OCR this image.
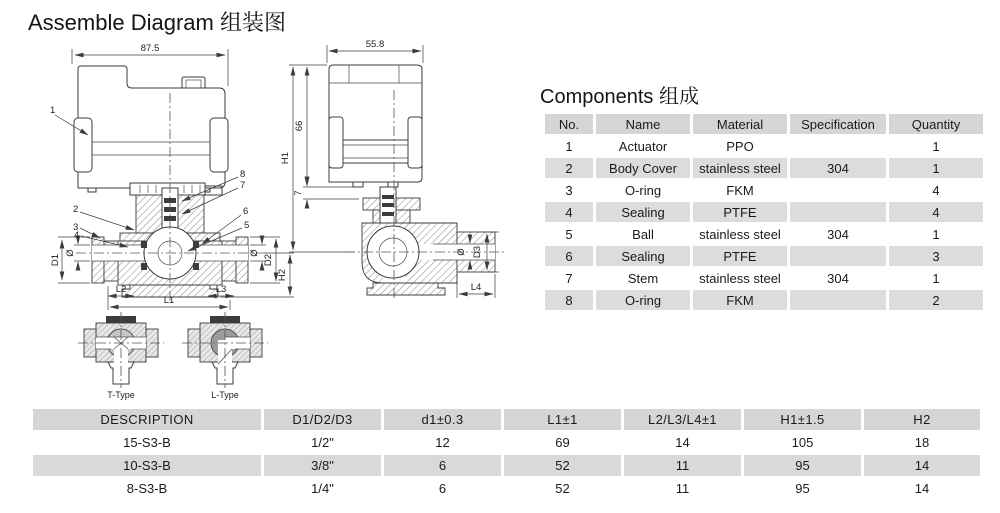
Assemble Diagram 组装图
87.5
D1
Ø	Ø
D2
H2
L2	L3
L1
1
2
3
4
8
7
6
5
55.8
H1
66
7
Ø D3
L4
T-Type	L-Type
Components 组成
No.	Name	Material	Specification	Quantity
1	Actuator	PPO		1
2	Body Cover	stainless steel	304	1
3	O-ring	FKM		4
4	Sealing	PTFE		4
5	Ball	stainless steel	304	1
6	Sealing	PTFE		3
7	Stem	stainless steel	304	1
8	O-ring	FKM		2
DESCRIPTION	D1/D2/D3	d1±0.3	L1±1	L2/L3/L4±1	H1±1.5	H2
15-S3-B	1/2"	12	69	14	105	18
10-S3-B	3/8"	6	52	11	95	14
8-S3-B	1/4"	6	52	11	95	14
